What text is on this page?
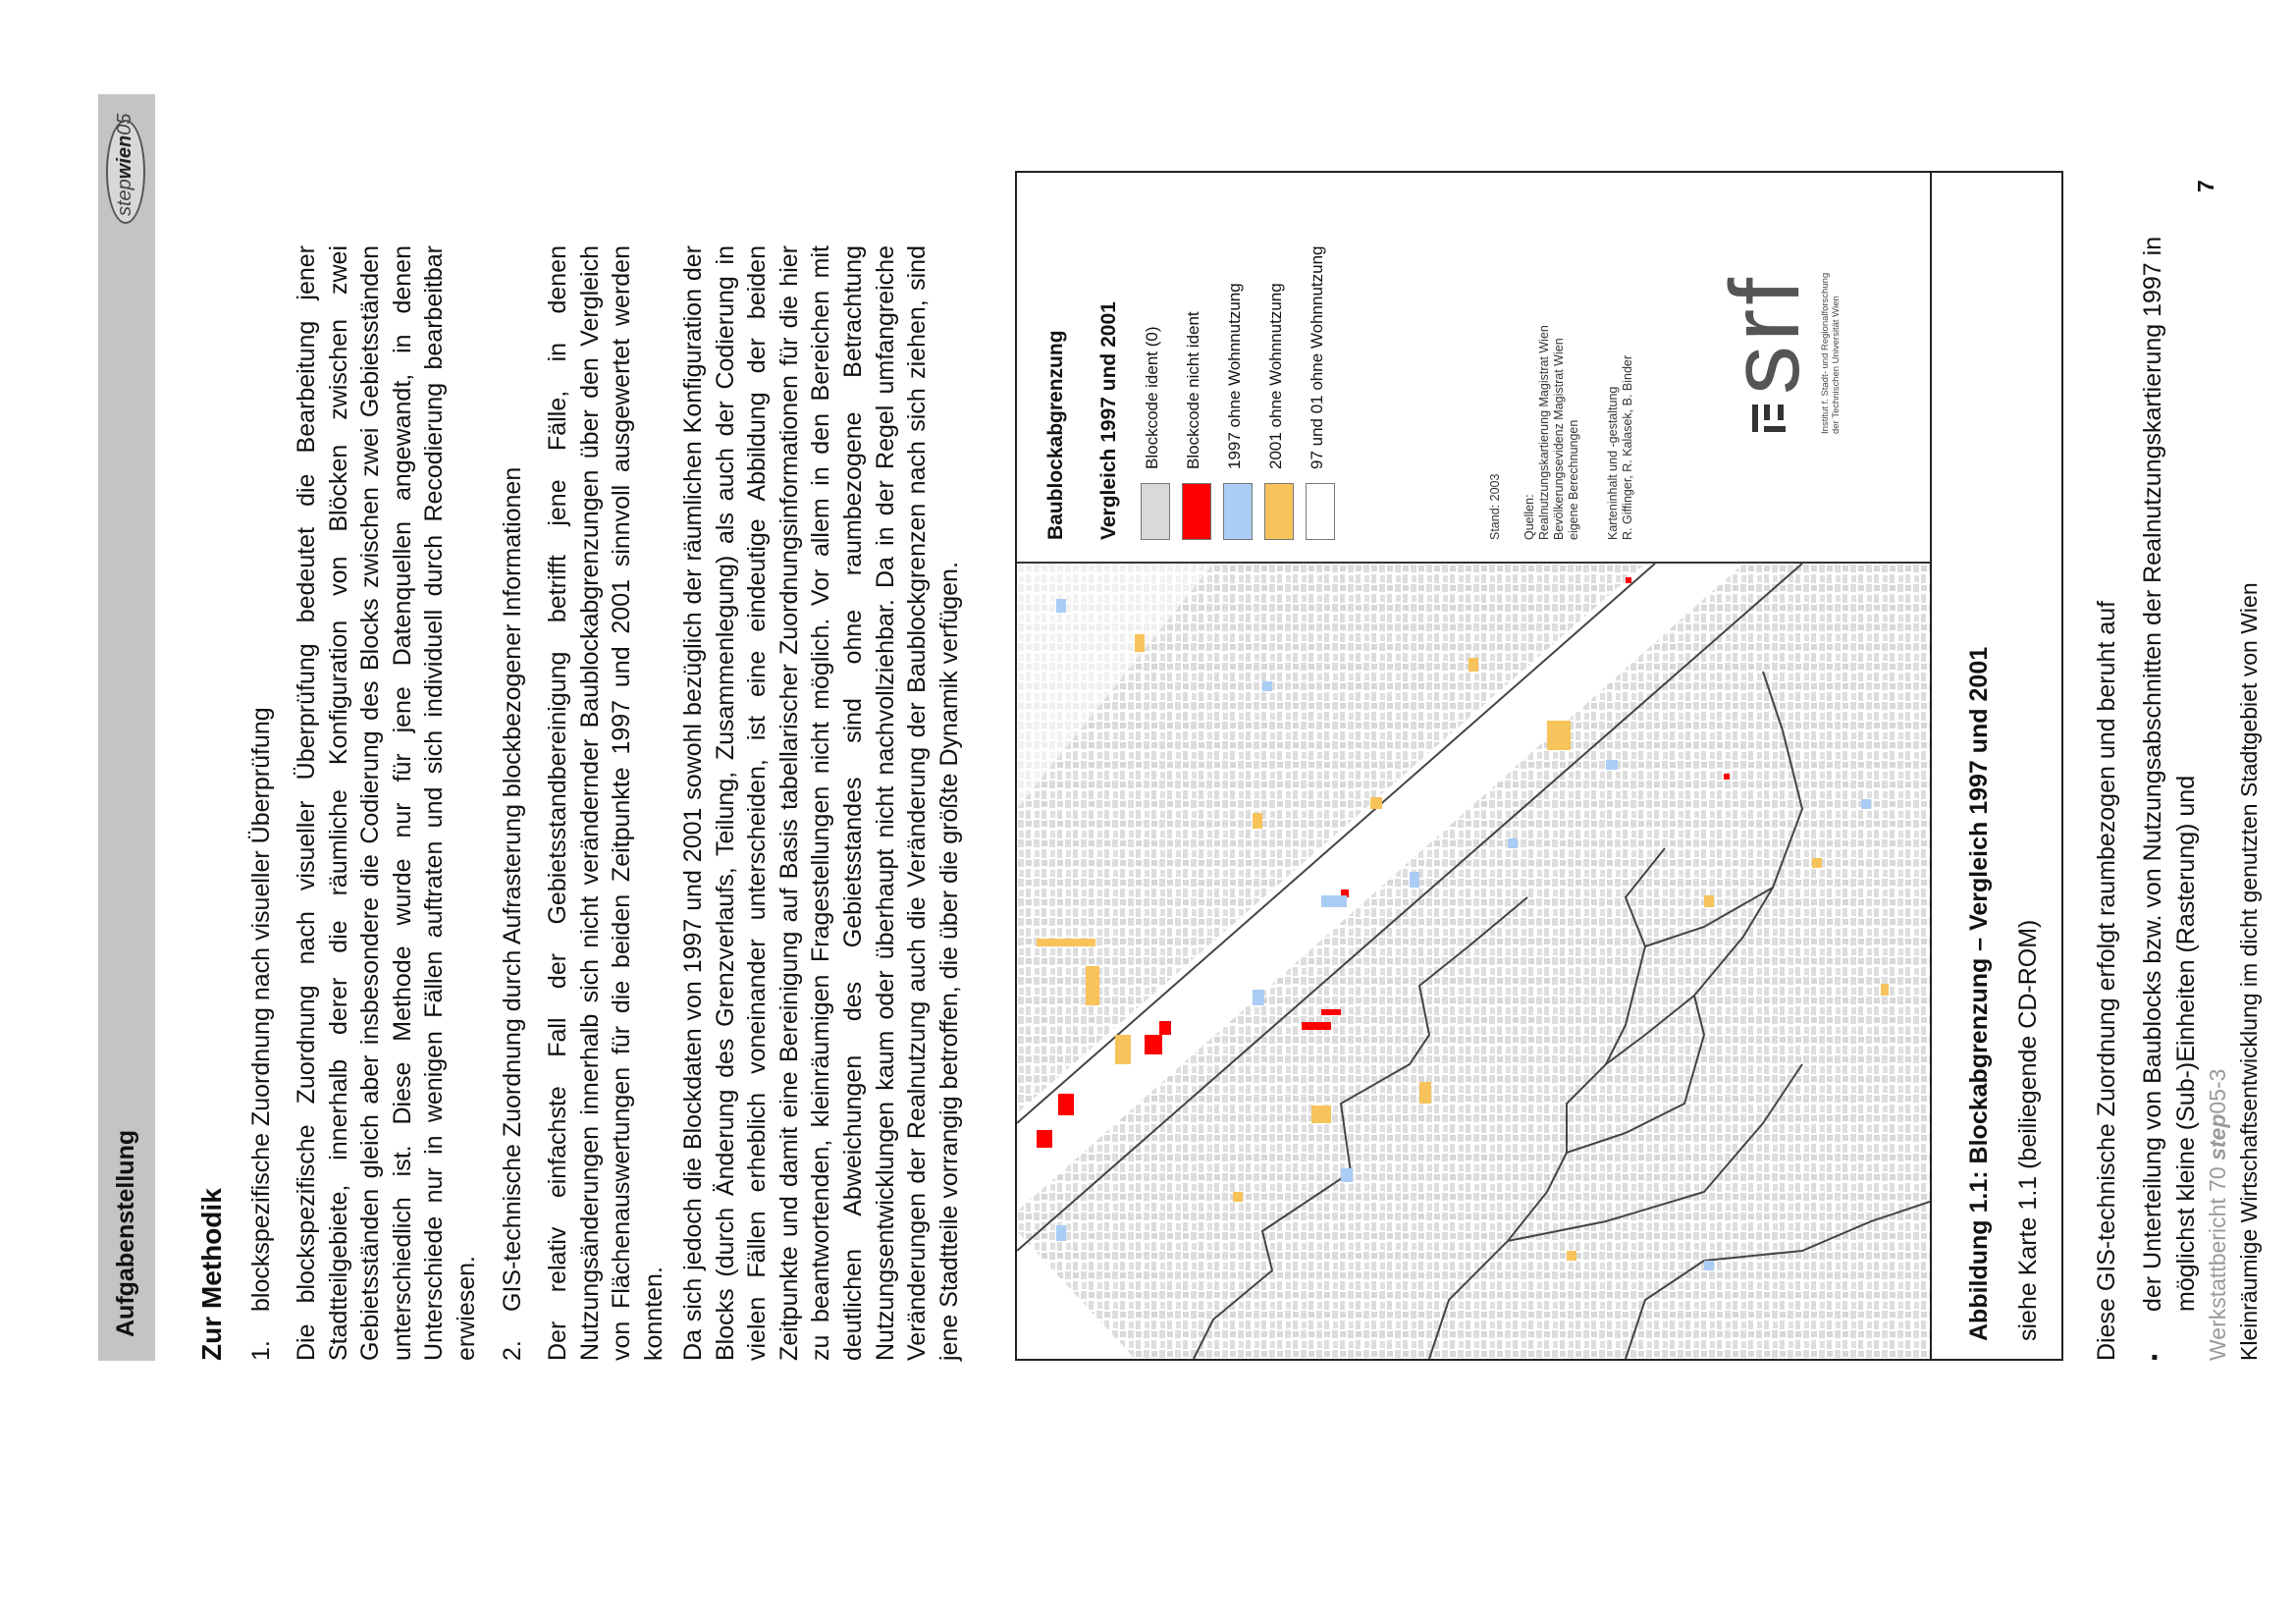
Aufgabenstellung
stepwien05
Zur Methodik 1.
blockspezifische Zuordnung nach visueller Überprüfung Die blockspezifische Zuordnung nach visueller Überprüfung bedeutet die Bearbeitung jener Stadtteilgebiete, innerhalb derer die räumliche Konfiguration von Blöcken zwischen zwei Gebietsständen gleich aber insbesondere die Codierung des Blocks zwischen zwei Gebietsständen unterschiedlich ist. Diese Methode wurde nur für jene Datenquellen angewandt, in denen Unterschiede nur in wenigen Fällen auftraten und sich individuell durch Recodierung bearbeitbar erwiesen. 2.
GIS-technische Zuordnung durch Aufrasterung blockbezogener Informationen Der relativ einfachste Fall der Gebietsstandbereinigung betrifft jene Fälle, in denen Nutzungsänderungen innerhalb sich nicht verändernder Baublockabgrenzungen über den Vergleich von Flächenauswertungen für die beiden Zeitpunkte 1997 und 2001 sinnvoll ausgewertet werden konnten. Da sich jedoch die Blockdaten von 1997 und 2001 sowohl bezüglich der räumlichen Konfiguration der Blocks (durch Änderung des Grenzverlaufs, Teilung, Zusammenlegung) als auch der Codierung in vielen Fällen erheblich voneinander unterscheiden, ist eine eindeutige Abbildung der beiden Zeitpunkte und damit eine Bereinigung auf Basis tabellarischer Zuordnungsinformationen für die hier zu beantwortenden, kleinräumigen Fragestellungen nicht möglich. Vor allem in den Bereichen mit deutlichen Abweichungen des Gebietsstandes sind ohne raumbezogene Betrachtung Nutzungsentwicklungen kaum oder überhaupt nicht nachvollziehbar. Da in der Regel umfangreiche Veränderungen der Realnutzung auch die Veränderung der Baublockgrenzen nach sich ziehen, sind jene Stadtteile vorrangig betroffen, die über die größte Dynamik verfügen.

Baublockabgrenzung Vergleich 1997 und 2001 Blockcode ident (0) Blockcode nicht ident 1997 ohne Wohnnutzung 2001 ohne Wohnnutzung 97 und 01 ohne Wohnnutzung
Stand: 2003 Quellen: Realnutzungskartierung Magistrat Wien Bevölkerungsevidenz Magistrat Wien eigene Berechnungen Karteninhalt und -gestaltung R. Giffinger, R. Kalasek, B. Binder
srf Institut f. Stadt- und Regionalforschung der Technischen Universität Wien
Abbildung 1.1: Blockabgrenzung – Vergleich 1997 und 2001 siehe Karte 1.1 (beiliegende CD-ROM) Diese GIS-technische Zuordnung erfolgt raumbezogen und beruht auf ▪
der Unterteilung von Baublocks bzw. von Nutzungsabschnitten der Realnutzungskartierung 1997 in möglichst kleine (Sub-)Einheiten (Rasterung) und Werkstattbericht 70 step05-3 Kleinräumige Wirtschaftsentwicklung im dicht genutzten Stadtgebiet von Wien
7
